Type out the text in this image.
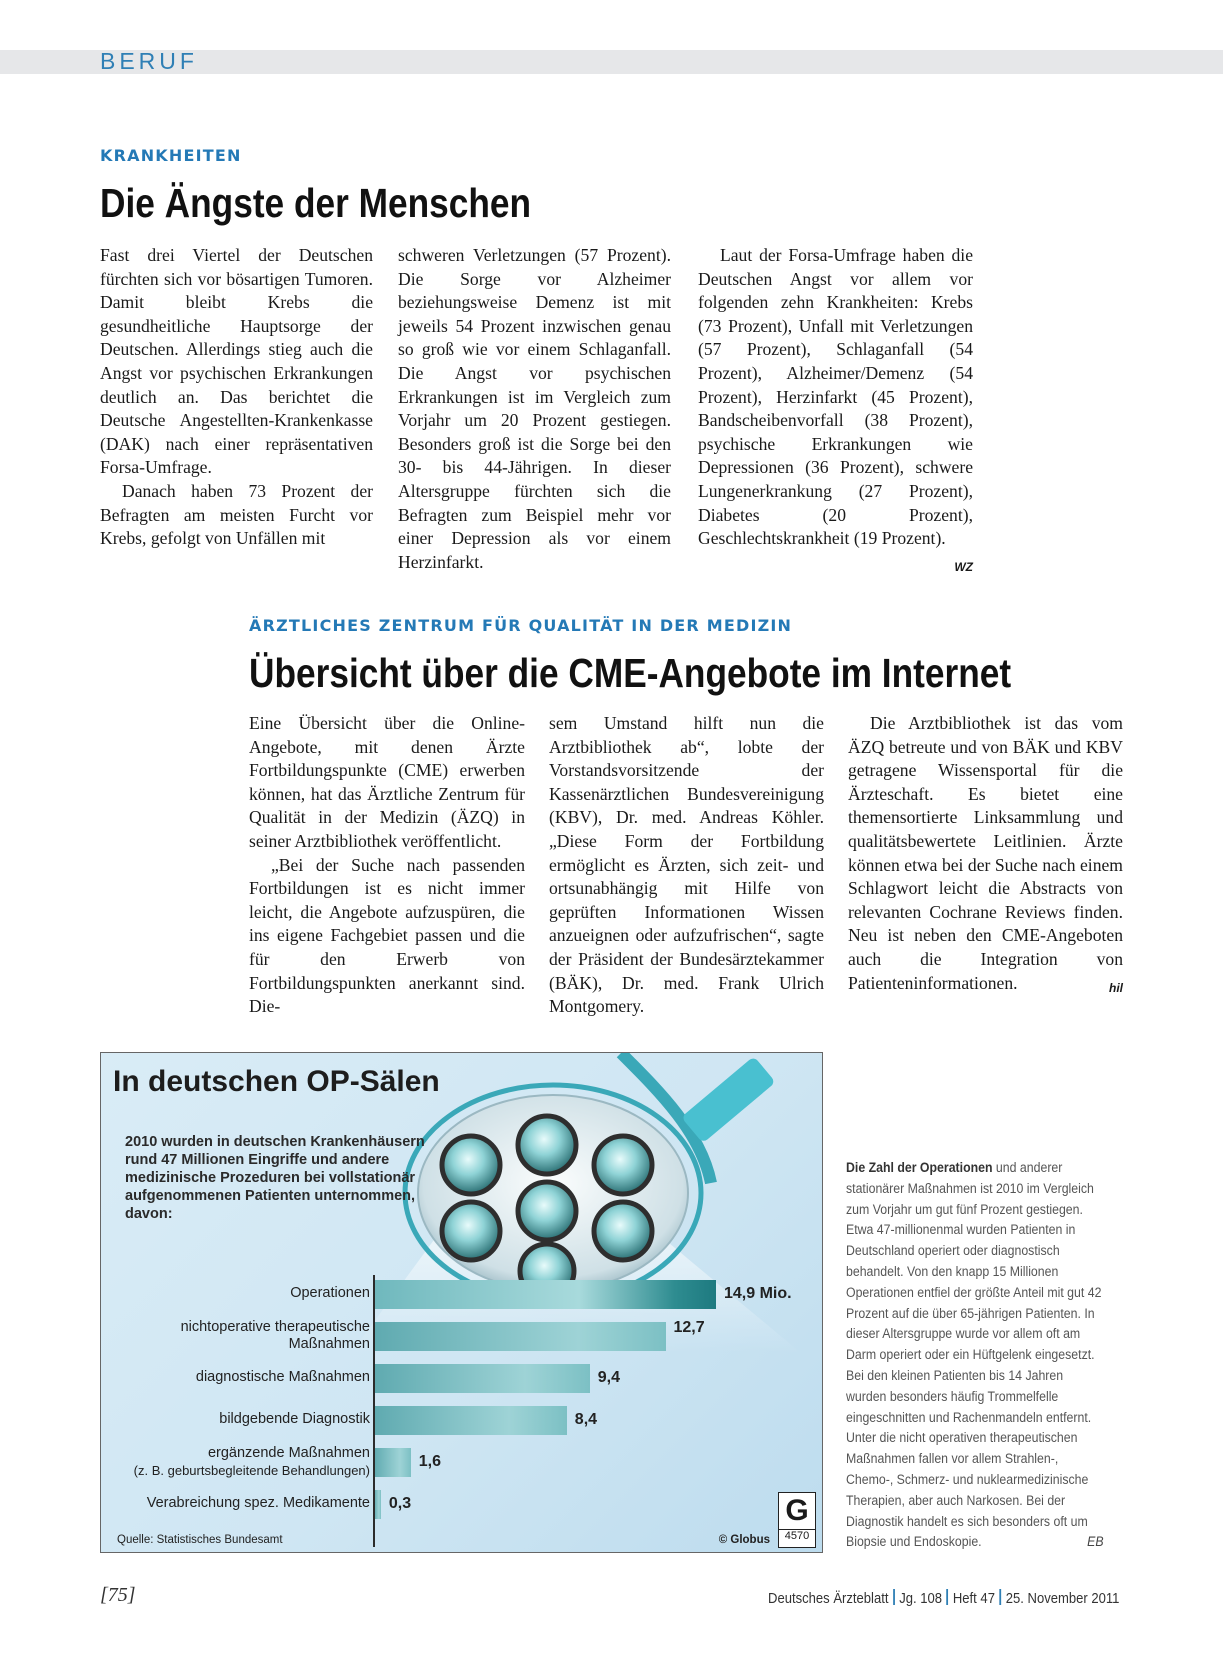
BERUF
KRANKHEITEN
Die Ängste der Menschen

Fast drei Viertel der Deutschen fürchten sich vor bösartigen Tumoren. Damit bleibt Krebs die gesundheitliche Hauptsorge der Deutschen. Allerdings stieg auch die Angst vor psychischen Erkrankungen deutlich an. Das berichtet die Deutsche Angestellten-Krankenkasse (DAK) nach einer repräsentativen Forsa-Umfrage.

Danach haben 73 Prozent der Befragten am meisten Furcht vor Krebs, gefolgt von Unfällen mit

schweren Verletzungen (57 Prozent). Die Sorge vor Alzheimer beziehungsweise Demenz ist mit jeweils 54 Prozent inzwischen genau so groß wie vor einem Schlaganfall. Die Angst vor psychischen Erkrankungen ist im Vergleich zum Vorjahr um 20 Prozent gestiegen. Besonders groß ist die Sorge bei den 30- bis 44-Jährigen. In dieser Altersgruppe fürchten sich die Befragten zum Beispiel mehr vor einer Depression als vor einem Herzinfarkt.

Laut der Forsa-Umfrage haben die Deutschen Angst vor allem vor folgenden zehn Krankheiten: Krebs (73 Prozent), Unfall mit Verletzungen (57 Prozent), Schlaganfall (54 Prozent), Alzheimer/Demenz (54 Prozent), Herzinfarkt (45 Prozent), Bandscheibenvorfall (38 Prozent), psychische Erkrankungen wie Depressionen (36 Prozent), schwere Lungenerkrankung (27 Prozent), Diabetes (20 Prozent), Geschlechtskrankheit (19 Prozent).
WZ

ÄRZTLICHES ZENTRUM FÜR QUALITÄT IN DER MEDIZIN
Übersicht über die CME-Angebote im Internet

Eine Übersicht über die Online-Angebote, mit denen Ärzte Fortbildungspunkte (CME) erwerben können, hat das Ärztliche Zentrum für Qualität in der Medizin (ÄZQ) in seiner Arztbibliothek veröffentlicht.

„Bei der Suche nach passenden Fortbildungen ist es nicht immer leicht, die Angebote aufzuspüren, die ins eigene Fachgebiet passen und die für den Erwerb von Fortbildungspunkten anerkannt sind. Die-

sem Umstand hilft nun die Arztbibliothek ab“, lobte der Vorstandsvorsitzende der Kassenärztlichen Bundesvereinigung (KBV), Dr. med. Andreas Köhler. „Diese Form der Fortbildung ermöglicht es Ärzten, sich zeit- und ortsunabhängig mit Hilfe von geprüften Informationen Wissen anzueignen oder aufzufrischen“, sagte der Präsident der Bundesärztekammer (BÄK), Dr. med. Frank Ulrich Montgomery.

Die Arztbibliothek ist das vom ÄZQ betreute und von BÄK und KBV getragene Wissensportal für die Ärzteschaft. Es bietet eine themensortierte Linksammlung und qualitätsbewertete Leitlinien. Ärzte können etwa bei der Suche nach einem Schlagwort leicht die Abstracts von relevanten Cochrane Reviews finden. Neu ist neben den CME-Angeboten auch die Integration von Patienteninformationen.	hil

In deutschen OP-Sälen
2010 wurden in deutschen Krankenhäusern rund 47 Millionen Eingriffe und andere medizinische Prozeduren bei vollstationär aufgenommenen Patienten unternommen, davon:
Operationen	14,9 Mio.
nichtoperative therapeutische
Maßnahmen
12,7
diagnostische Maßnahmen	9,4
bildgebende Diagnostik	8,4
ergänzende Maßnahmen
(z. B. geburtsbegleitende Behandlungen)	1,6
Verabreichung spez. Medikamente 0,3
Quelle: Statistisches Bundesamt	© Globus
G
4570
Die Zahl der Operationen und anderer stationärer Maßnahmen ist 2010 im Vergleich zum Vorjahr um gut fünf Prozent gestiegen. Etwa 47-millionenmal wurden Patienten in Deutschland operiert oder diagnostisch behandelt. Von den knapp 15 Millionen Operationen entfiel der größte Anteil mit gut 42 Prozent auf die über 65-jährigen Patienten. In dieser Altersgruppe wurde vor allem oft am Darm operiert oder ein Hüftgelenk eingesetzt. Bei den kleinen Patienten bis 14 Jahren wurden besonders häufig Trommelfelle eingeschnitten und Rachenmandeln entfernt. Unter die nicht operativen therapeutischen Maßnahmen fallen vor allem Strahlen-, Chemo-, Schmerz- und nuklearmedizinische Therapien, aber auch Narkosen. Bei der Diagnostik handelt es sich besonders oft um Biopsie und Endoskopie.	EB
[75]	Deutsches Ärzteblatt Jg. 108 Heft 47 25. November 2011
